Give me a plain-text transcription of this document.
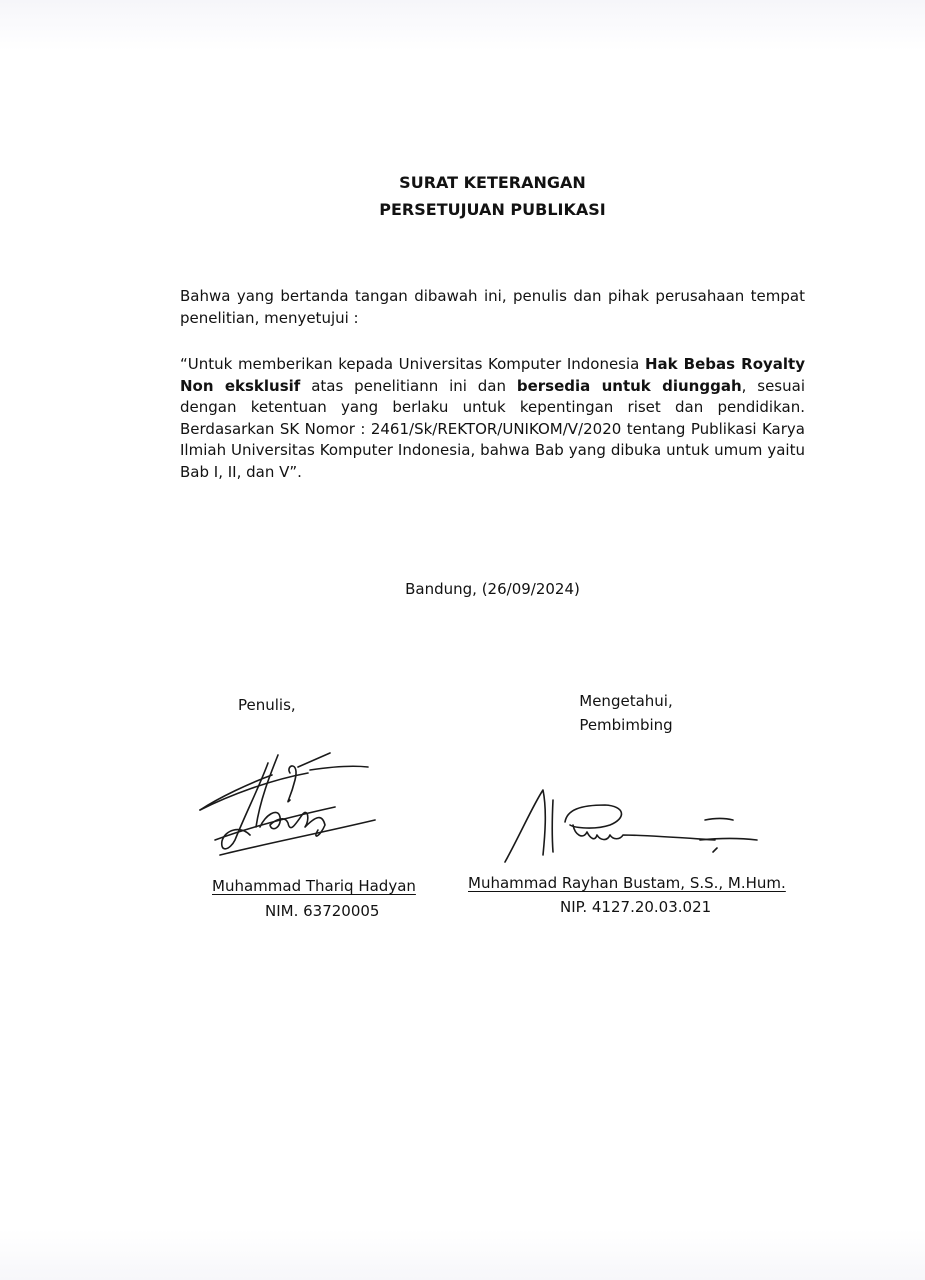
SURAT KETERANGAN
PERSETUJUAN PUBLIKASI
Bahwa yang bertanda tangan dibawah ini, penulis dan pihak perusahaan tempat penelitian, menyetujui :
“Untuk memberikan kepada Universitas Komputer Indonesia Hak Bebas Royalty Non eksklusif atas penelitiann ini dan bersedia untuk diunggah, sesuai dengan ketentuan yang berlaku untuk kepentingan riset dan pendidikan. Berdasarkan SK Nomor : 2461/Sk/REKTOR/UNIKOM/V/2020 tentang Publikasi Karya Ilmiah Universitas Komputer Indonesia, bahwa Bab yang dibuka untuk umum yaitu Bab I, II, dan V”.
Bandung, (26/09/2024)
Penulis,	Mengetahui,
Pembimbing
Muhammad Thariq Hadyan
NIM. 63720005
Muhammad Rayhan Bustam, S.S., M.Hum.
NIP. 4127.20.03.021
